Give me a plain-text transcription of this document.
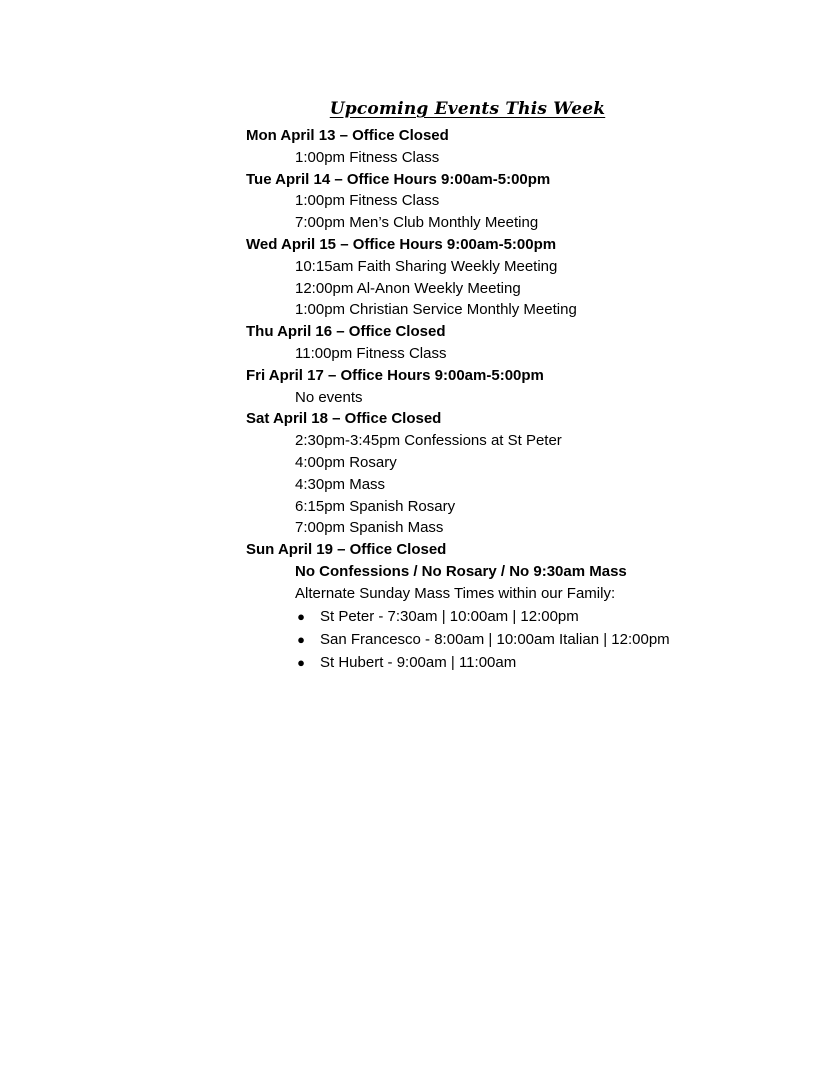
Upcoming Events This Week
Mon April 13 – Office Closed
1:00pm Fitness Class
Tue April 14 – Office Hours 9:00am-5:00pm
1:00pm Fitness Class
7:00pm Men’s Club Monthly Meeting
Wed April 15 – Office Hours 9:00am-5:00pm
10:15am Faith Sharing Weekly Meeting
12:00pm Al-Anon Weekly Meeting
1:00pm Christian Service Monthly Meeting
Thu April 16 – Office Closed
11:00pm Fitness Class
Fri April 17 – Office Hours 9:00am-5:00pm
No events
Sat April 18 – Office Closed
2:30pm-3:45pm Confessions at St Peter
4:00pm Rosary
4:30pm Mass
6:15pm Spanish Rosary
7:00pm Spanish Mass
Sun April 19 – Office Closed
No Confessions / No Rosary / No 9:30am Mass
Alternate Sunday Mass Times within our Family:
● St Peter - 7:30am | 10:00am | 12:00pm
● San Francesco - 8:00am | 10:00am Italian | 12:00pm
● St Hubert - 9:00am | 11:00am
